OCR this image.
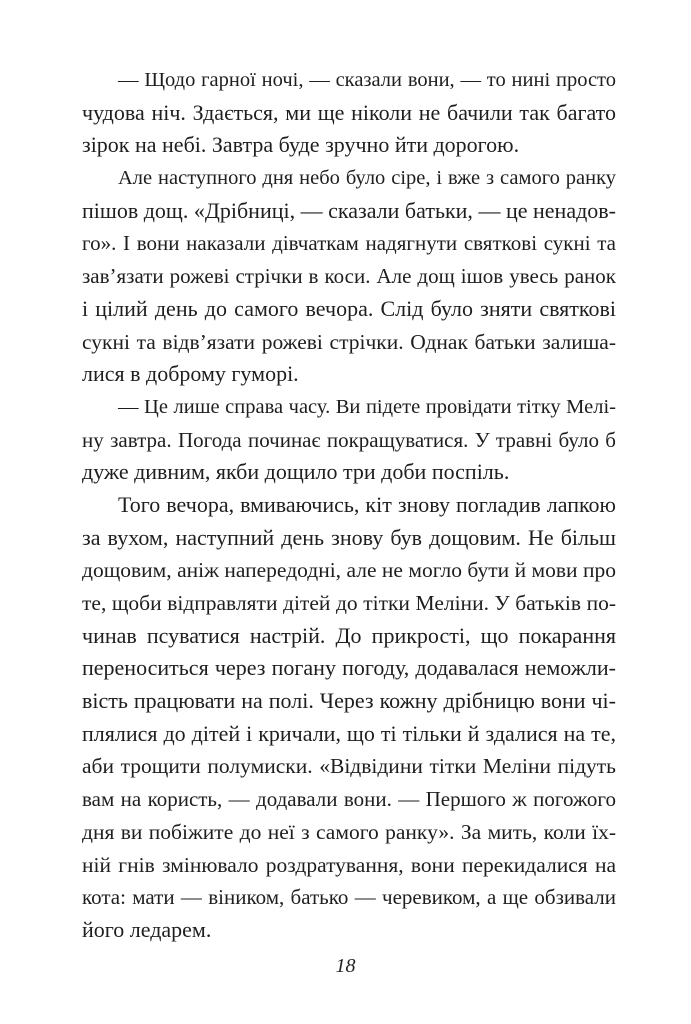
— Щодо гарної ночі, — сказали вони, — то нині просто
чудова ніч. Здається, ми ще ніколи не бачили так багато
зірок на небі. Завтра буде зручно йти дорогою.
Але наступного дня небо було сіре, і вже з самого ранку
пішов дощ. «Дрібниці, — сказали батьки, — це ненадов-
го». І вони наказали дівчаткам надягнути святкові сукні та
зав’язати рожеві стрічки в коси. Але дощ ішов увесь ранок
і цілий день до самого вечора. Слід було зняти святкові
сукні та відв’язати рожеві стрічки. Однак батьки залиша-
лися в доброму гуморі.
— Це лише справа часу. Ви підете провідати тітку Мелі-
ну завтра. Погода починає покращуватися. У травні було б
дуже дивним, якби дощило три доби поспіль.
Того вечора, вмиваючись, кіт знову погладив лапкою
за вухом, наступний день знову був дощовим. Не більш
дощовим, аніж напередодні, але не могло бути й мови про
те, щоби відправляти дітей до тітки Меліни. У батьків по-
чинав псуватися настрій. До прикрості, що покарання
переноситься через погану погоду, додавалася неможли-
вість працювати на полі. Через кожну дрібницю вони чі-
плялися до дітей і кричали, що ті тільки й здалися на те,
аби трощити полумиски. «Відвідини тітки Меліни підуть
вам на користь, — додавали вони. — Першого ж погожого
дня ви побіжите до неї з самого ранку». За мить, коли їх-
ній гнів змінювало роздратування, вони перекидалися на
кота: мати — віником, батько — черевиком, а ще обзивали
його ледарем.
18
